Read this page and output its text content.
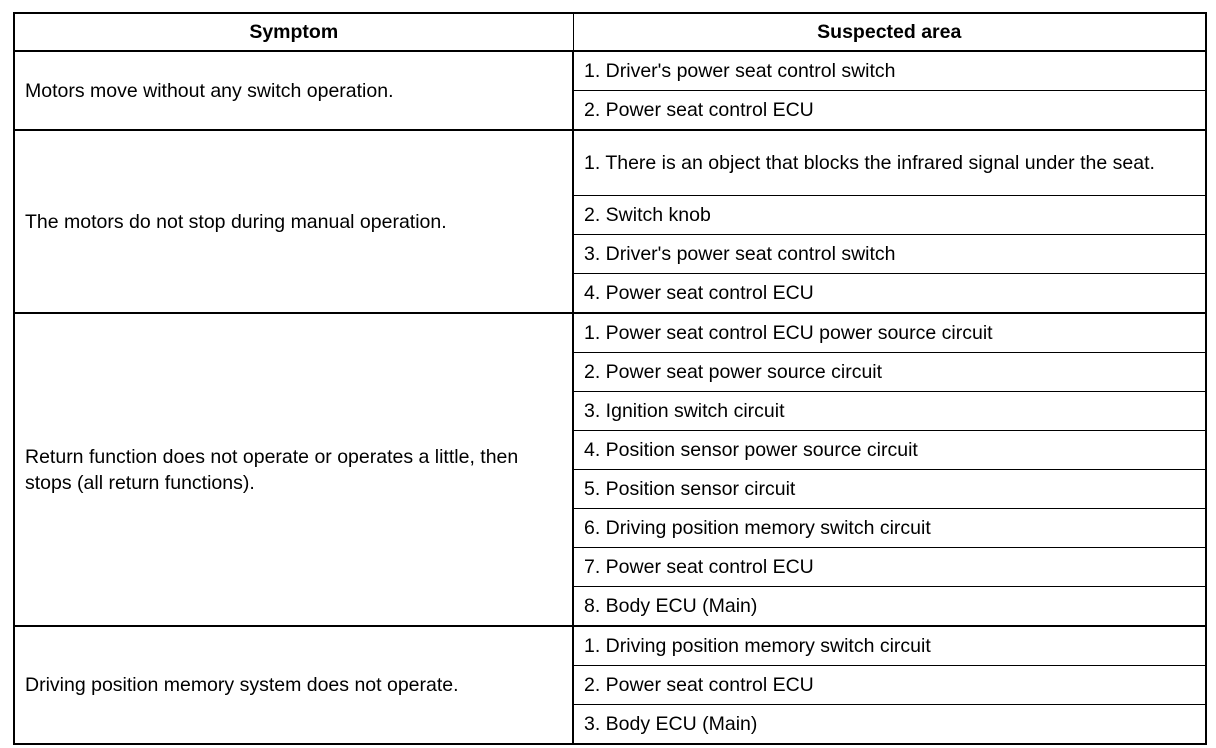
Symptom	Suspected area
Motors move without any switch operation.	1. Driver's power seat control switch
	2. Power seat control ECU
The motors do not stop during manual operation.	1. There is an object that blocks the infrared signal under the seat.
	2. Switch knob
	3. Driver's power seat control switch
	4. Power seat control ECU
Return function does not operate or operates a little, then stops (all return functions).	1. Power seat control ECU power source circuit
	2. Power seat power source circuit
	3. Ignition switch circuit
	4. Position sensor power source circuit
	5. Position sensor circuit
	6. Driving position memory switch circuit
	7. Power seat control ECU
	8. Body ECU (Main)
Driving position memory system does not operate.	1. Driving position memory switch circuit
	2. Power seat control ECU
	3. Body ECU (Main)
